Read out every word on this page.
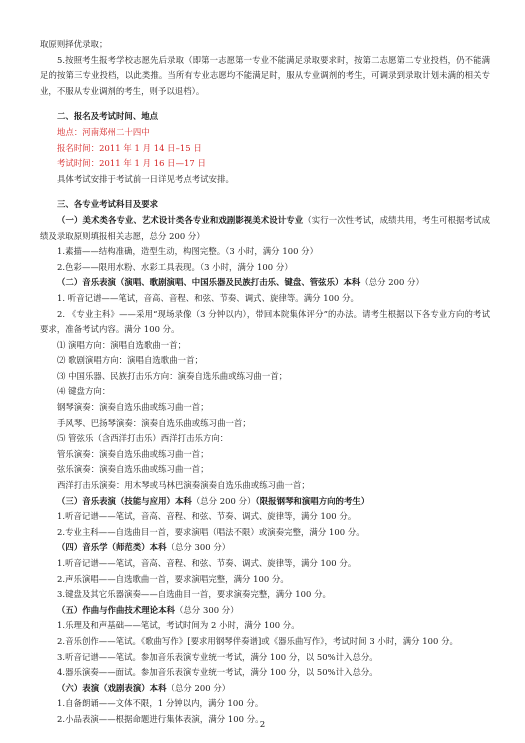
取原则择优录取；
5.按照考生报考学校志愿先后录取（即第一志愿第一专业不能满足录取要求时，按第二志愿第二专业投档，仍不能满足的按第三专业投档，以此类推。当所有专业志愿均不能满足时，服从专业调剂的考生，可调录到录取计划未满的相关专业，不服从专业调剂的考生，则予以退档）。
二、报名及考试时间、地点
地点：河南郑州二十四中
报名时间：2011 年 1 月 14 日–15 日
考试时间：2011 年 1 月 16 日—17 日
具体考试安排于考试前一日详见考点考试安排。
三、各专业考试科目及要求
（一）美术类各专业、艺术设计类各专业和戏剧影视美术设计专业（实行一次性考试，成绩共用，考生可根据考试成绩及录取原则填报相关志愿，总分 200 分）
1.素描——结构准确，造型生动，构图完整。（3 小时，满分 100 分）
2.色彩——限用水粉、水彩工具表现。（3 小时，满分 100 分）
（二）音乐表演（演唱、歌剧演唱、中国乐器及民族打击乐、键盘、管弦乐）本科（总分 200 分）
1. 听音记谱——笔试，音高、音程、和弦、节奏、调式、旋律等。满分 100 分。
2. 《专业主科》——采用“现场录像（3 分钟以内），带回本院集体评分”的办法。请考生根据以下各专业方向的考试要求，准备考试内容。满分 100 分。
⑴ 演唱方向：演唱自选歌曲一首；
⑵ 歌剧演唱方向：演唱自选歌曲一首；
⑶ 中国乐器、民族打击乐方向：演奏自选乐曲或练习曲一首；
⑷ 键盘方向：
钢琴演奏：演奏自选乐曲或练习曲一首；
手风琴、巴扬琴演奏：演奏自选乐曲或练习曲一首；
⑸ 管弦乐（含西洋打击乐）西洋打击乐方向：
管乐演奏：演奏自选乐曲或练习曲一首；
弦乐演奏：演奏自选乐曲或练习曲一首；
西洋打击乐演奏：用木琴或马林巴演奏演奏自选乐曲或练习曲一首；
（三）音乐表演（技能与应用）本科（总分 200 分）（限报钢琴和演唱方向的考生）
1.听音记谱——笔试，音高、音程、和弦、节奏、调式、旋律等，满分 100 分。
2.专业主科——自选曲目一首，要求演唱（唱法不限）或演奏完整，满分 100 分。
（四）音乐学（师范类）本科（总分 300 分）
1.听音记谱——笔试，音高、音程、和弦、节奏、调式、旋律等，满分 100 分。
2.声乐演唱——自选歌曲一首，要求演唱完整，满分 100 分。
3.键盘及其它乐器演奏——自选曲目一首，要求演奏完整，满分 100 分。
（五）作曲与作曲技术理论本科（总分 300 分）
1.乐理及和声基础——笔试，考试时间为 2 小时，满分 100 分。
2.音乐创作——笔试。《歌曲写作》[要求用钢琴伴奏谱]或《器乐曲写作》，考试时间 3 小时，满分 100 分。
3.听音记谱——笔试。参加音乐表演专业统一考试，满分 100 分，以 50%计入总分。
4.器乐演奏——面试。参加音乐表演专业统一考试，满分 100 分，以 50%计入总分。
（六）表演（戏剧表演）本科（总分 200 分）
1.自备朗诵——文体不限，1 分钟以内，满分 100 分。
2.小品表演——根据命题进行集体表演，满分 100 分。
2
